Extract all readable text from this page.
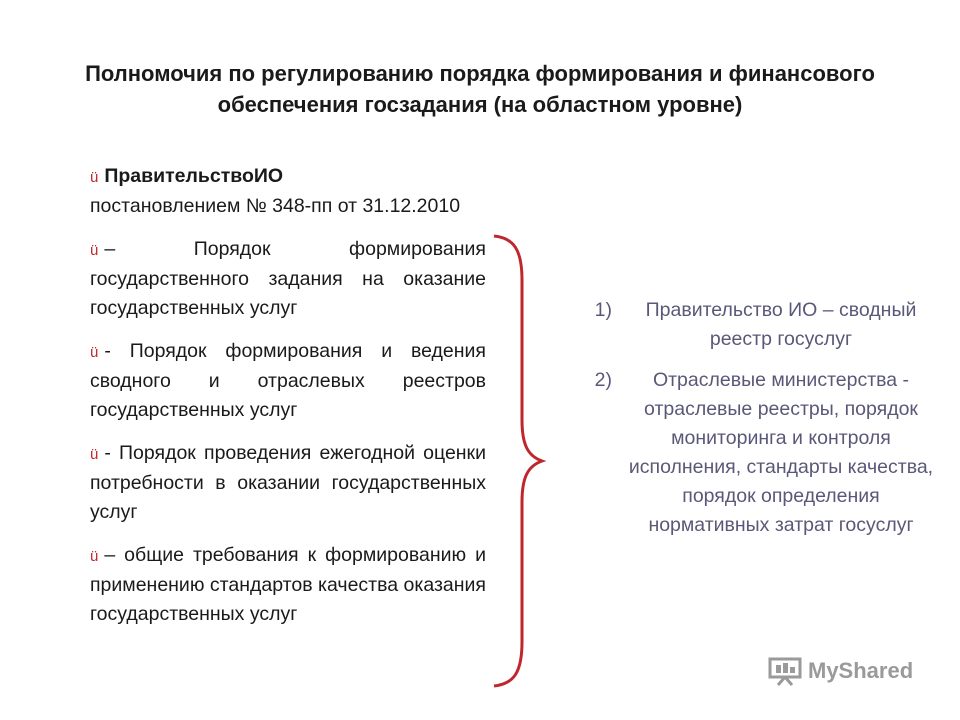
Полномочия по регулированию порядка формирования и финансового обеспечения госзадания (на областном уровне)
ü ПравительствоИО
постановлением № 348-пп от 31.12.2010
ü – Порядок формирования государственного задания на оказание государственных услуг
ü - Порядок формирования и ведения сводного и отраслевых реестров государственных услуг
ü - Порядок проведения ежегодной оценки потребности в оказании государственных услуг
ü – общие требования к формированию и применению стандартов качества оказания государственных услуг
1)	Правительство ИО – сводный реестр госуслуг
2)	Отраслевые министерства - отраслевые реестры, порядок мониторинга и контроля исполнения, стандарты качества, порядок определения нормативных затрат госуслуг
MyShared
